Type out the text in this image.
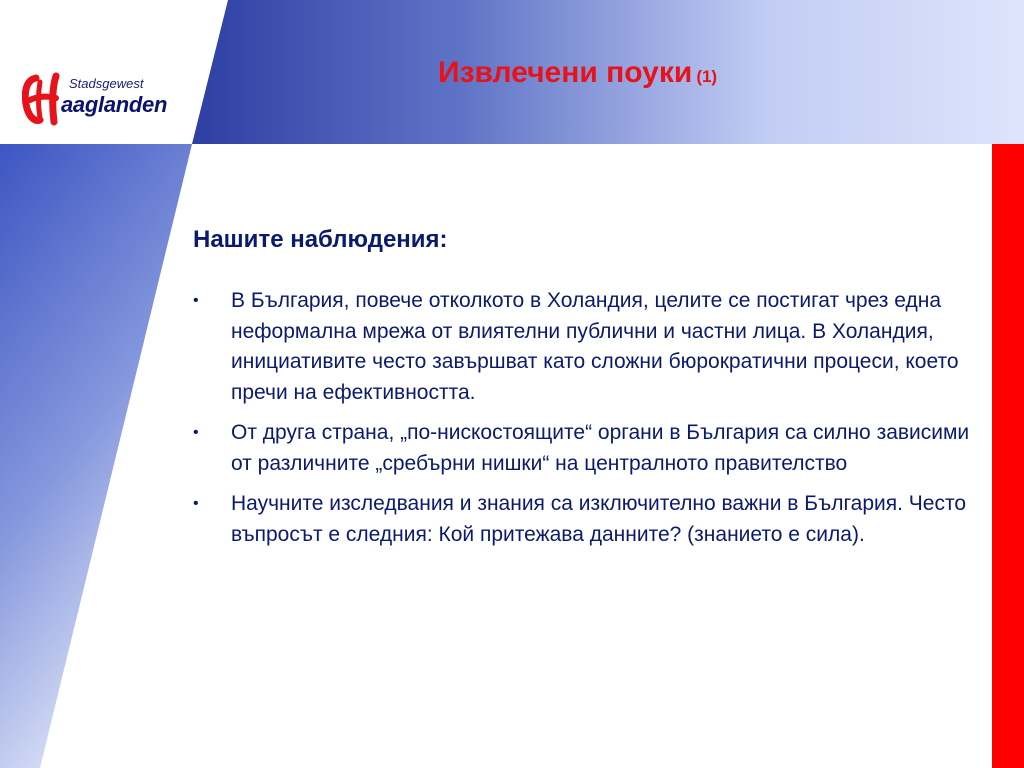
Stadsgewest
aaglanden
Извлечени поуки (1)
Нашите наблюдения:
• В България, повече отколкото в Холандия, целите се постигат чрез една неформална мрежа от влиятелни публични и частни лица. В Холандия, инициативите често завършват като сложни бюрократични процеси, което пречи на ефективността.
• От друга страна, „по-нискостоящите“ органи в България са силно зависими от различните „сребърни нишки“ на централното правителство
• Научните изследвания и знания са изключително важни в България. Често въпросът е следния: Кой притежава данните? (знанието е сила).
